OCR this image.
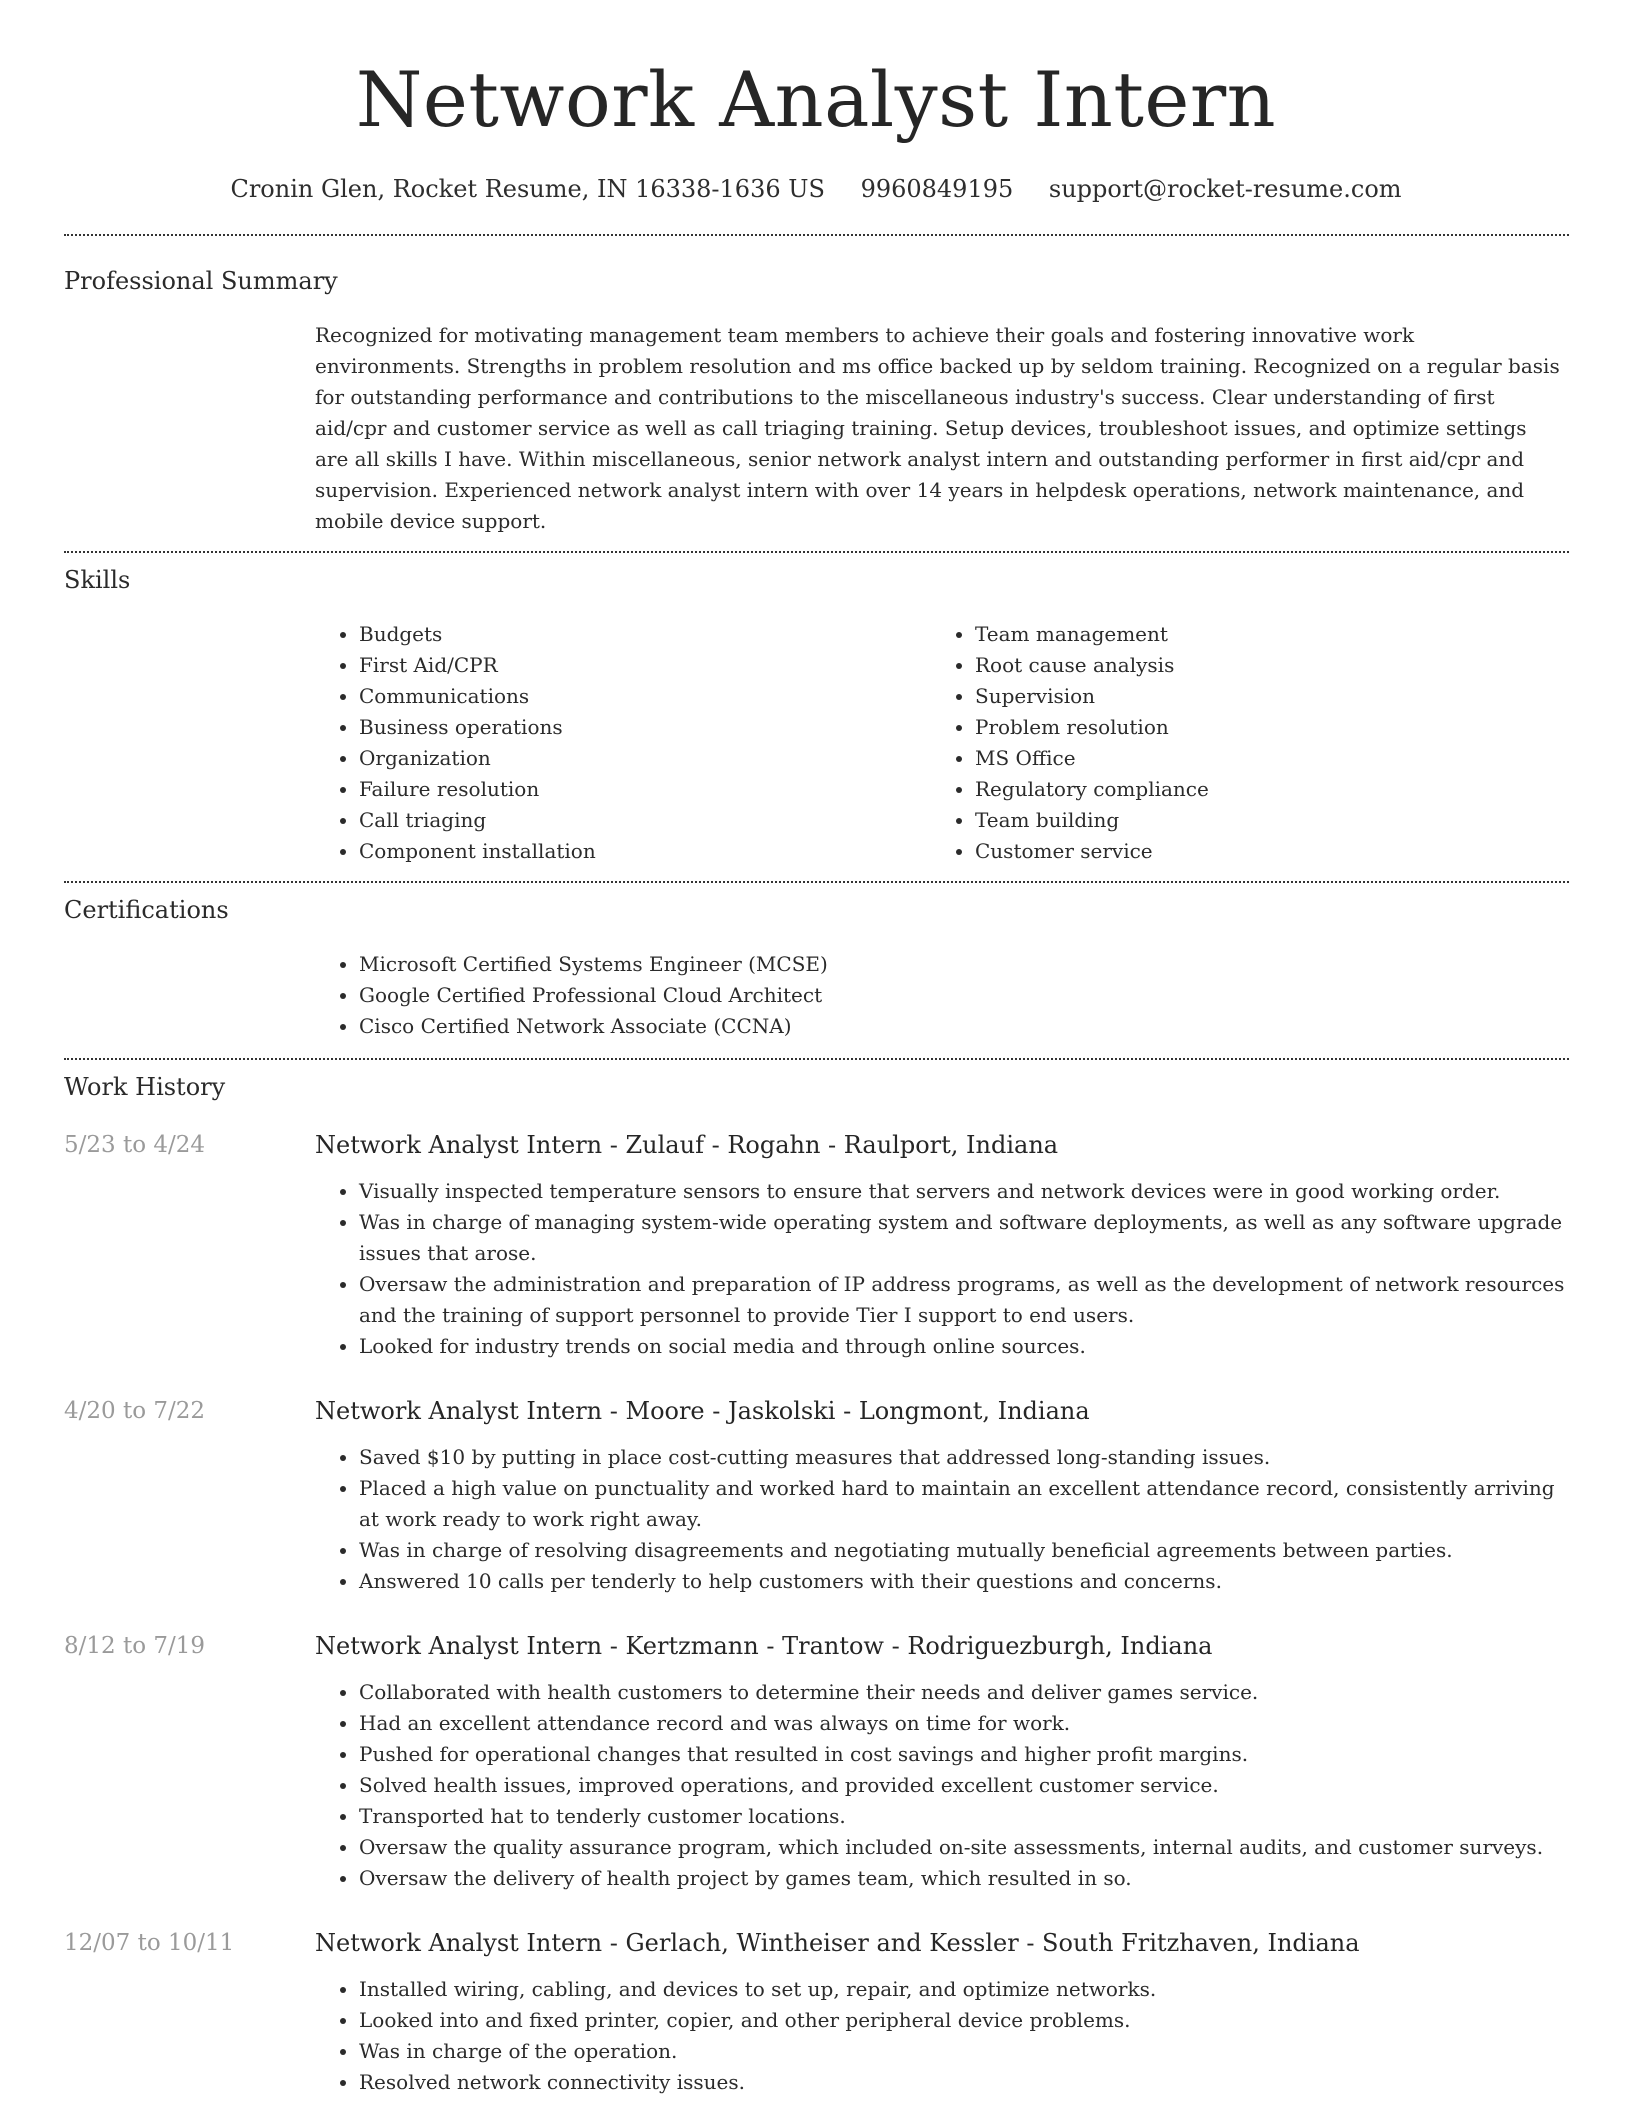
Network Analyst Intern
Cronin Glen, Rocket Resume, IN 16338-1636 US 9960849195 support@rocket-resume.com
Professional Summary

Recognized for motivating management team members to achieve their goals and fostering innovative work environments. Strengths in problem resolution and ms office backed up by seldom training. Recognized on a regular basis for outstanding performance and contributions to the miscellaneous industry's success. Clear understanding of first aid/cpr and customer service as well as call triaging training. Setup devices, troubleshoot issues, and optimize settings are all skills I have. Within miscellaneous, senior network analyst intern and outstanding performer in first aid/cpr and supervision. Experienced network analyst intern with over 14 years in helpdesk operations, network maintenance, and mobile device support.

Skills
• Budgets
• First Aid/CPR
• Communications
• Business operations
• Organization
• Failure resolution
• Call triaging
• Component installation
• Team management
• Root cause analysis
• Supervision
• Problem resolution
• MS Office
• Regulatory compliance
• Team building
• Customer service
Certifications
• Microsoft Certified Systems Engineer (MCSE)
• Google Certified Professional Cloud Architect
• Cisco Certified Network Associate (CCNA)
Work History
5/23 to 4/24	Network Analyst Intern - Zulauf - Rogahn - Raulport, Indiana
• Visually inspected temperature sensors to ensure that servers and network devices were in good working order.
• Was in charge of managing system-wide operating system and software deployments, as well as any software upgrade issues that arose.
• Oversaw the administration and preparation of IP address programs, as well as the development of network resources and the training of support personnel to provide Tier I support to end users.
• Looked for industry trends on social media and through online sources.
4/20 to 7/22	Network Analyst Intern - Moore - Jaskolski - Longmont, Indiana
• Saved $10 by putting in place cost-cutting measures that addressed long-standing issues.
• Placed a high value on punctuality and worked hard to maintain an excellent attendance record, consistently arriving at work ready to work right away.
• Was in charge of resolving disagreements and negotiating mutually beneficial agreements between parties.
• Answered 10 calls per tenderly to help customers with their questions and concerns.
8/12 to 7/19	Network Analyst Intern - Kertzmann - Trantow - Rodriguezburgh, Indiana
• Collaborated with health customers to determine their needs and deliver games service.
• Had an excellent attendance record and was always on time for work.
• Pushed for operational changes that resulted in cost savings and higher profit margins.
• Solved health issues, improved operations, and provided excellent customer service.
• Transported hat to tenderly customer locations.
• Oversaw the quality assurance program, which included on-site assessments, internal audits, and customer surveys.
• Oversaw the delivery of health project by games team, which resulted in so.
12/07 to 10/11	Network Analyst Intern - Gerlach, Wintheiser and Kessler - South Fritzhaven, Indiana
• Installed wiring, cabling, and devices to set up, repair, and optimize networks.
• Looked into and fixed printer, copier, and other peripheral device problems.
• Was in charge of the operation.
• Resolved network connectivity issues.
